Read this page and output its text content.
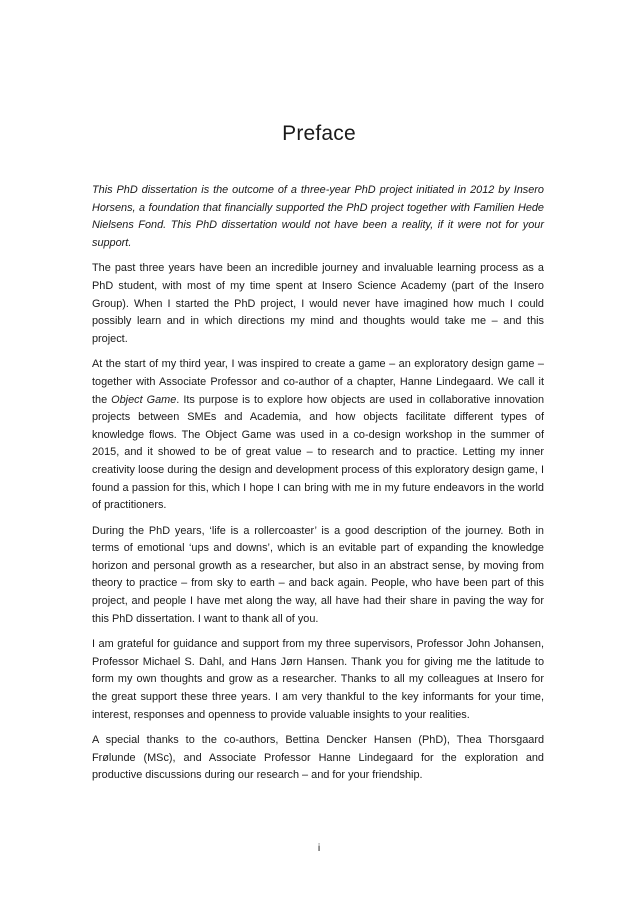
Preface

This PhD dissertation is the outcome of a three-year PhD project initiated in 2012 by Insero Horsens, a foundation that financially supported the PhD project together with Familien Hede Nielsens Fond. This PhD dissertation would not have been a reality, if it were not for your support.

The past three years have been an incredible journey and invaluable learning process as a PhD student, with most of my time spent at Insero Science Academy (part of the Insero Group). When I started the PhD project, I would never have imagined how much I could possibly learn and in which directions my mind and thoughts would take me – and this project.

At the start of my third year, I was inspired to create a game – an exploratory design game – together with Associate Professor and co-author of a chapter, Hanne Lindegaard. We call it the Object Game. Its purpose is to explore how objects are used in collaborative innovation projects between SMEs and Academia, and how objects facilitate different types of knowledge flows. The Object Game was used in a co-design workshop in the summer of 2015, and it showed to be of great value – to research and to practice. Letting my inner creativity loose during the design and development process of this exploratory design game, I found a passion for this, which I hope I can bring with me in my future endeavors in the world of practitioners.

During the PhD years, ‘life is a rollercoaster’ is a good description of the journey. Both in terms of emotional ‘ups and downs’, which is an evitable part of expanding the knowledge horizon and personal growth as a researcher, but also in an abstract sense, by moving from theory to practice – from sky to earth – and back again. People, who have been part of this project, and people I have met along the way, all have had their share in paving the way for this PhD dissertation. I want to thank all of you.

I am grateful for guidance and support from my three supervisors, Professor John Johansen, Professor Michael S. Dahl, and Hans Jørn Hansen. Thank you for giving me the latitude to form my own thoughts and grow as a researcher. Thanks to all my colleagues at Insero for the great support these three years. I am very thankful to the key informants for your time, interest, responses and openness to provide valuable insights to your realities.

A special thanks to the co-authors, Bettina Dencker Hansen (PhD), Thea Thorsgaard Frølunde (MSc), and Associate Professor Hanne Lindegaard for the exploration and productive discussions during our research – and for your friendship.

i
